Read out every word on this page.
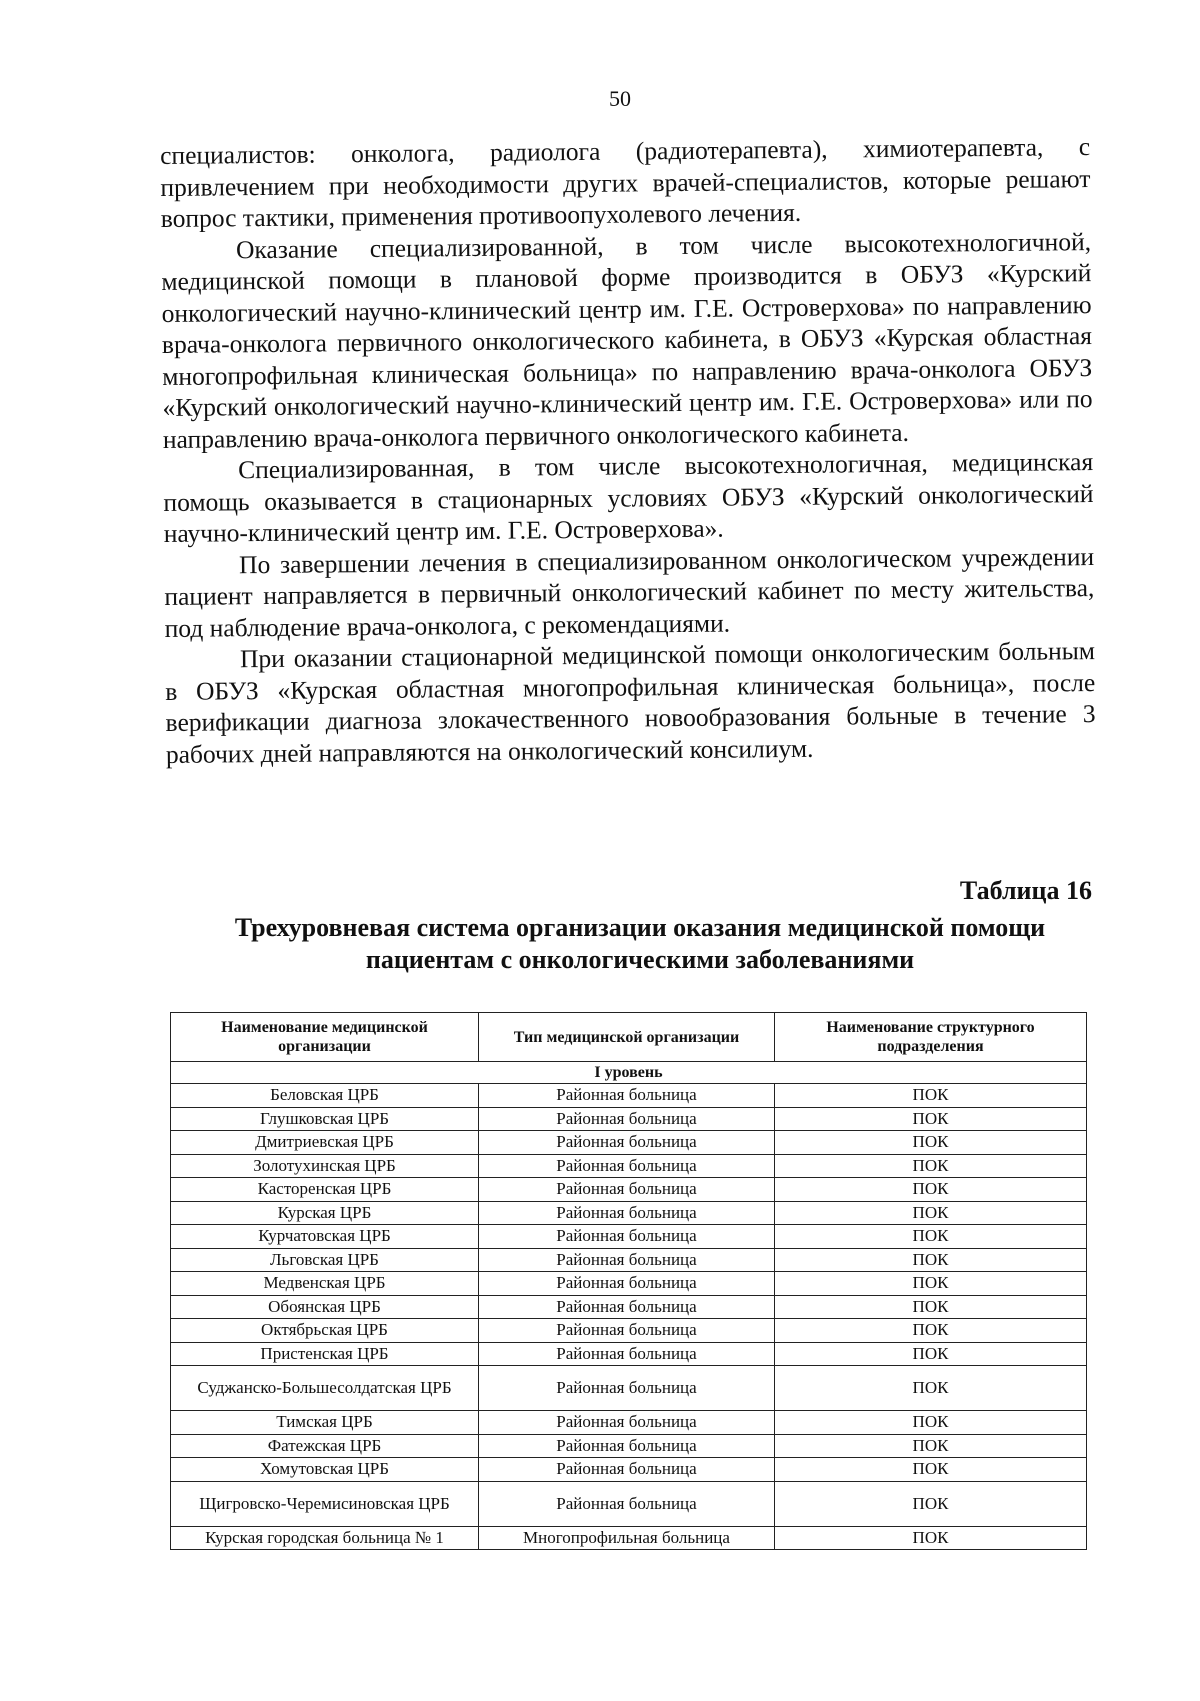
50

специалистов: онколога, радиолога (радиотерапевта), химиотерапевта, с привлечением при необходимости других врачей-специалистов, которые решают вопрос тактики, применения противоопухолевого лечения.

Оказание специализированной, в том числе высокотехнологичной, медицинской помощи в плановой форме производится в ОБУЗ «Курский онкологический научно-клинический центр им. Г.Е. Островерхова» по направлению врача-онколога первичного онкологического кабинета, в ОБУЗ «Курская областная многопрофильная клиническая больница» по направлению врача-онколога ОБУЗ «Курский онкологический научно-клинический центр им. Г.Е. Островерхова» или по направлению врача-онколога первичного онкологического кабинета.

Специализированная, в том числе высокотехнологичная, медицинская помощь оказывается в стационарных условиях ОБУЗ «Курский онкологический научно-клинический центр им. Г.Е. Островерхова».

По завершении лечения в специализированном онкологическом учреждении пациент направляется в первичный онкологический кабинет по месту жительства, под наблюдение врача-онколога, с рекомендациями.

При оказании стационарной медицинской помощи онкологическим больным в ОБУЗ «Курская областная многопрофильная клиническая больница», после верификации диагноза злокачественного новообразования больные в течение 3 рабочих дней направляются на онкологический консилиум.

Таблица 16
Трехуровневая система организации оказания медицинской помощи пациентам с онкологическими заболеваниями
Наименование медицинской организации	Тип медицинской организации	Наименование структурного подразделения
I уровень		
Беловская ЦРБ	Районная больница	ПОК
Глушковская ЦРБ	Районная больница	ПОК
Дмитриевская ЦРБ	Районная больница	ПОК
Золотухинская ЦРБ	Районная больница	ПОК
Касторенская ЦРБ	Районная больница	ПОК
Курская ЦРБ	Районная больница	ПОК
Курчатовская ЦРБ	Районная больница	ПОК
Льговская ЦРБ	Районная больница	ПОК
Медвенская ЦРБ	Районная больница	ПОК
Обоянская ЦРБ	Районная больница	ПОК
Октябрьская ЦРБ	Районная больница	ПОК
Пристенская ЦРБ	Районная больница	ПОК
Суджанско-Большесолдатская ЦРБ	Районная больница	ПОК
Тимская ЦРБ	Районная больница	ПОК
Фатежская ЦРБ	Районная больница	ПОК
Хомутовская ЦРБ	Районная больница	ПОК
Щигровско-Черемисиновская ЦРБ	Районная больница	ПОК
Курская городская больница № 1	Многопрофильная больница	ПОК
